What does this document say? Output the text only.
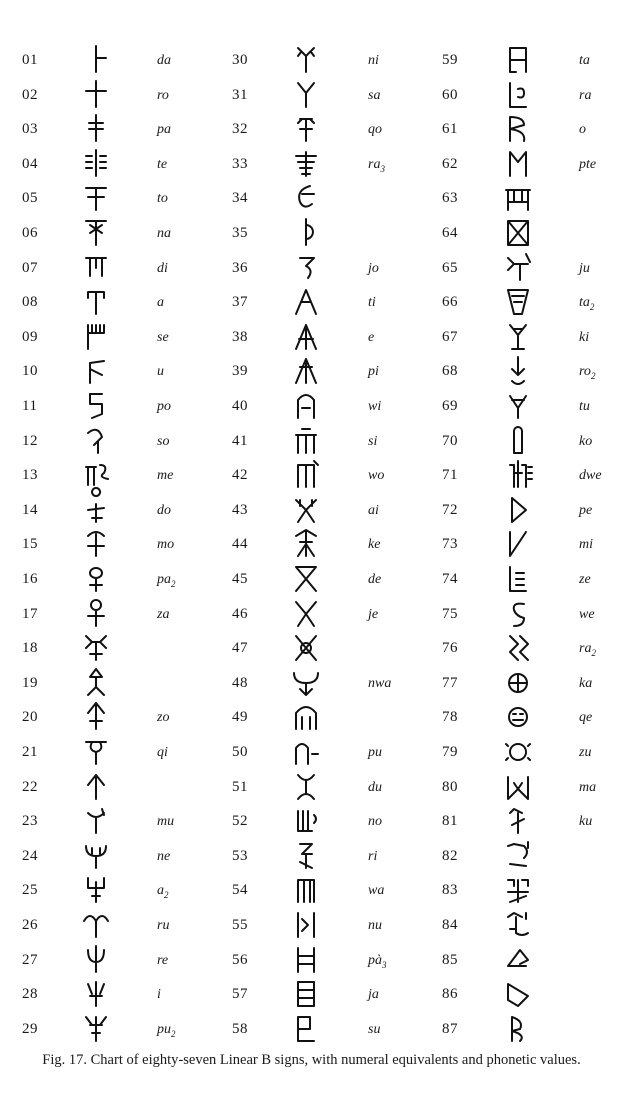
01	da
02	ro
03	pa
04	te
05	to
06	na
07	di
08	a
09	se
10	u
11	po
12	so
13	me
14	do
15	mo
16	$pa_2$
17	za
18
19
20	zo
21	qi
22
23	mu
24	ne
25	$a_2$
26	ru
27	re
28	i
29	$pu_2$
30	ni
31	sa
32	qo
33	$ra_3$
34
35
36	jo
37	ti
38	e
39	pi
40	wi
41	si
42	wo
43	ai
44	ke
45	de
46	je
47
48	nwa
49
50	pu
51	du
52	no
53	ri
54	wa
55	nu
56	$pà_3$
57	ja
58	su
59	ta
60	ra
61	o
62	pte
63
64
65	ju
66	$ta_2$
67	ki
68	$ro_2$
69	tu
70	ko
71	dwe
72	pe
73	mi
74	ze
75	we
76	$ra_2$
77	ka
78	qe
79	zu
80	ma
81	ku
82
83
84
85
86
87
Fig. 17. Chart of eighty-seven Linear B signs, with numeral equivalents and phonetic values.
